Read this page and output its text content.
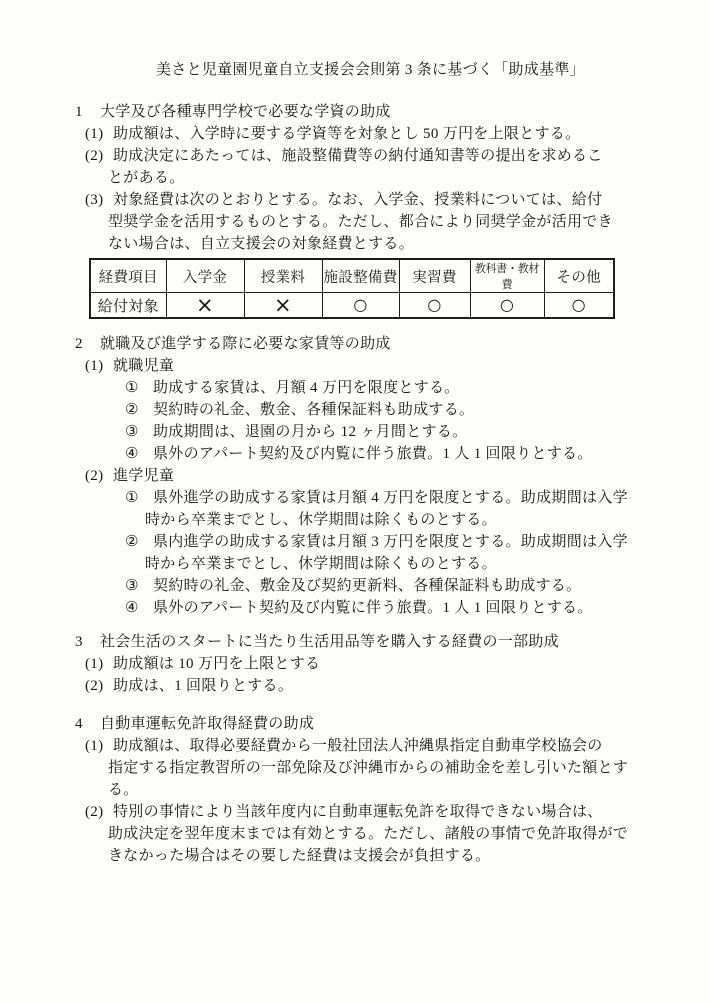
美さと児童園児童自立支援会会則第 3 条に基づく「助成基準」
1	大学及び各種専門学校で必要な学資の助成
(1) 助成額は、入学時に要する学資等を対象とし 50 万円を上限とする。
(2) 助成決定にあたっては、施設整備費等の納付通知書等の提出を求めるこ
とがある。
(3) 対象経費は次のとおりとする。なお、入学金、授業料については、給付
型奨学金を活用するものとする。ただし、都合により同奨学金が活用でき
ない場合は、自立支援会の対象経費とする。
経費項目	入学金	授業料	施設整備費	実習費	教科書・教材費	その他
給付対象	×	×	○	○	○	○
2	就職及び進学する際に必要な家賃等の助成
(1) 就職児童
① 助成する家賃は、月額 4 万円を限度とする。
② 契約時の礼金、敷金、各種保証料も助成する。
③ 助成期間は、退園の月から 12 ヶ月間とする。
④ 県外のアパート契約及び内覧に伴う旅費。1 人 1 回限りとする。
(2) 進学児童
① 県外進学の助成する家賃は月額 4 万円を限度とする。助成期間は入学
時から卒業までとし、休学期間は除くものとする。
② 県内進学の助成する家賃は月額 3 万円を限度とする。助成期間は入学
時から卒業までとし、休学期間は除くものとする。
③ 契約時の礼金、敷金及び契約更新料、各種保証料も助成する。
④ 県外のアパート契約及び内覧に伴う旅費。1 人 1 回限りとする。
3	社会生活のスタートに当たり生活用品等を購入する経費の一部助成
(1) 助成額は 10 万円を上限とする
(2) 助成は、1 回限りとする。
4	自動車運転免許取得経費の助成
(1) 助成額は、取得必要経費から一般社団法人沖縄県指定自動車学校協会の
指定する指定教習所の一部免除及び沖縄市からの補助金を差し引いた額とす
る。
(2) 特別の事情により当該年度内に自動車運転免許を取得できない場合は、
助成決定を翌年度末までは有効とする。ただし、諸般の事情で免許取得がで
きなかった場合はその要した経費は支援会が負担する。
